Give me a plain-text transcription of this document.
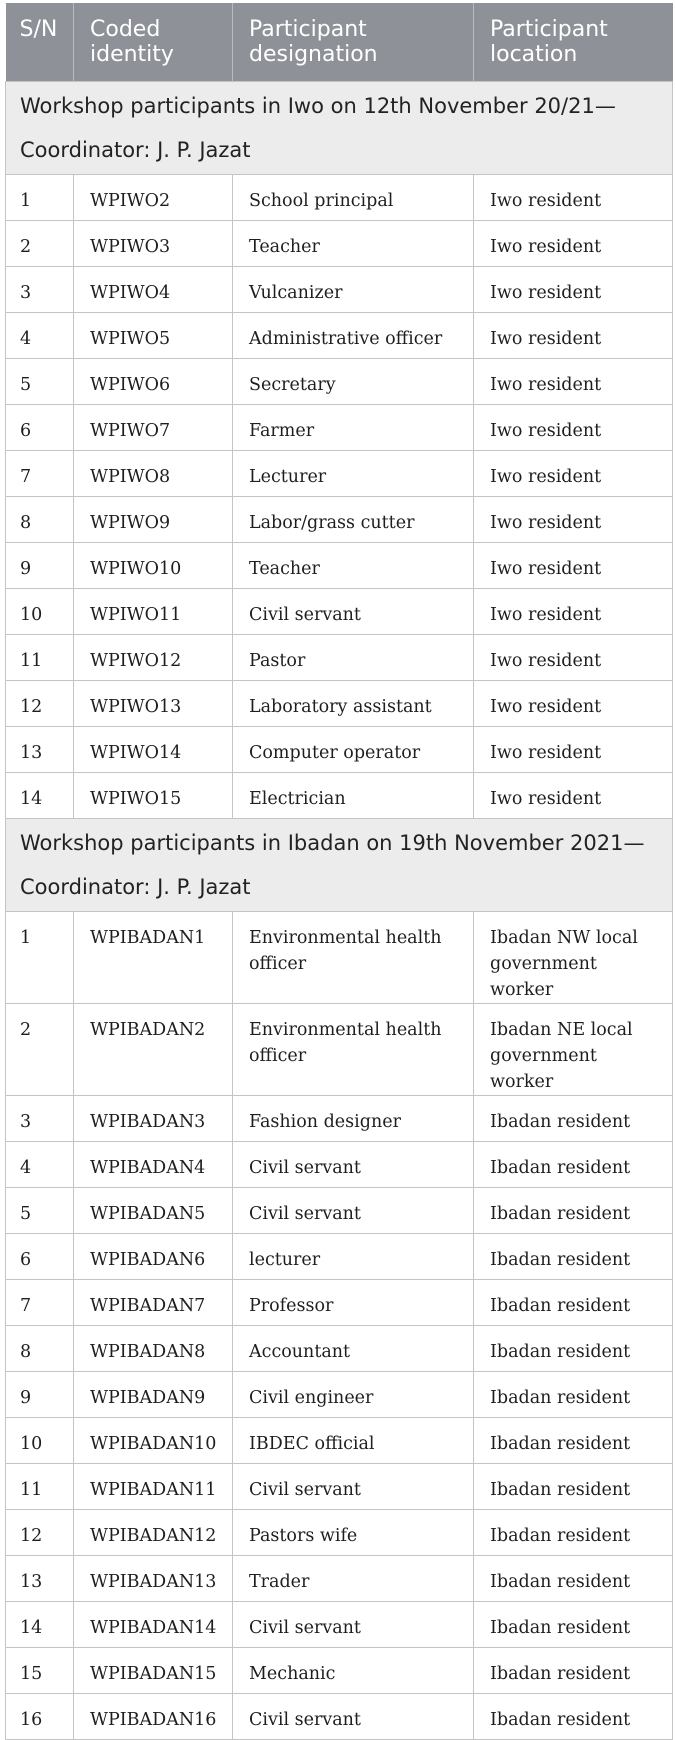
S/N	Coded identity	Participant designation	Participant location

Workshop participants in Iwo on 12th November 20/21—
Coordinator: J. P. Jazat			

1	WPIWO2	School principal	Iwo resident
2	WPIWO3	Teacher	Iwo resident
3	WPIWO4	Vulcanizer	Iwo resident
4	WPIWO5	Administrative officer	Iwo resident
5	WPIWO6	Secretary	Iwo resident
6	WPIWO7	Farmer	Iwo resident
7	WPIWO8	Lecturer	Iwo resident
8	WPIWO9	Labor/grass cutter	Iwo resident
9	WPIWO10	Teacher	Iwo resident
10	WPIWO11	Civil servant	Iwo resident
11	WPIWO12	Pastor	Iwo resident
12	WPIWO13	Laboratory assistant	Iwo resident
13	WPIWO14	Computer operator	Iwo resident
14	WPIWO15	Electrician	Iwo resident

Workshop participants in Ibadan on 19th November 2021—
Coordinator: J. P. Jazat			

1	WPIBADAN1	Environmental health officer	Ibadan NW local government worker
2	WPIBADAN2	Environmental health officer	Ibadan NE local government worker
3	WPIBADAN3	Fashion designer	Ibadan resident
4	WPIBADAN4	Civil servant	Ibadan resident
5	WPIBADAN5	Civil servant	Ibadan resident
6	WPIBADAN6	lecturer	Ibadan resident
7	WPIBADAN7	Professor	Ibadan resident
8	WPIBADAN8	Accountant	Ibadan resident
9	WPIBADAN9	Civil engineer	Ibadan resident
10	WPIBADAN10	IBDEC official	Ibadan resident
11	WPIBADAN11	Civil servant	Ibadan resident
12	WPIBADAN12	Pastors wife	Ibadan resident
13	WPIBADAN13	Trader	Ibadan resident
14	WPIBADAN14	Civil servant	Ibadan resident
15	WPIBADAN15	Mechanic	Ibadan resident
16	WPIBADAN16	Civil servant	Ibadan resident
